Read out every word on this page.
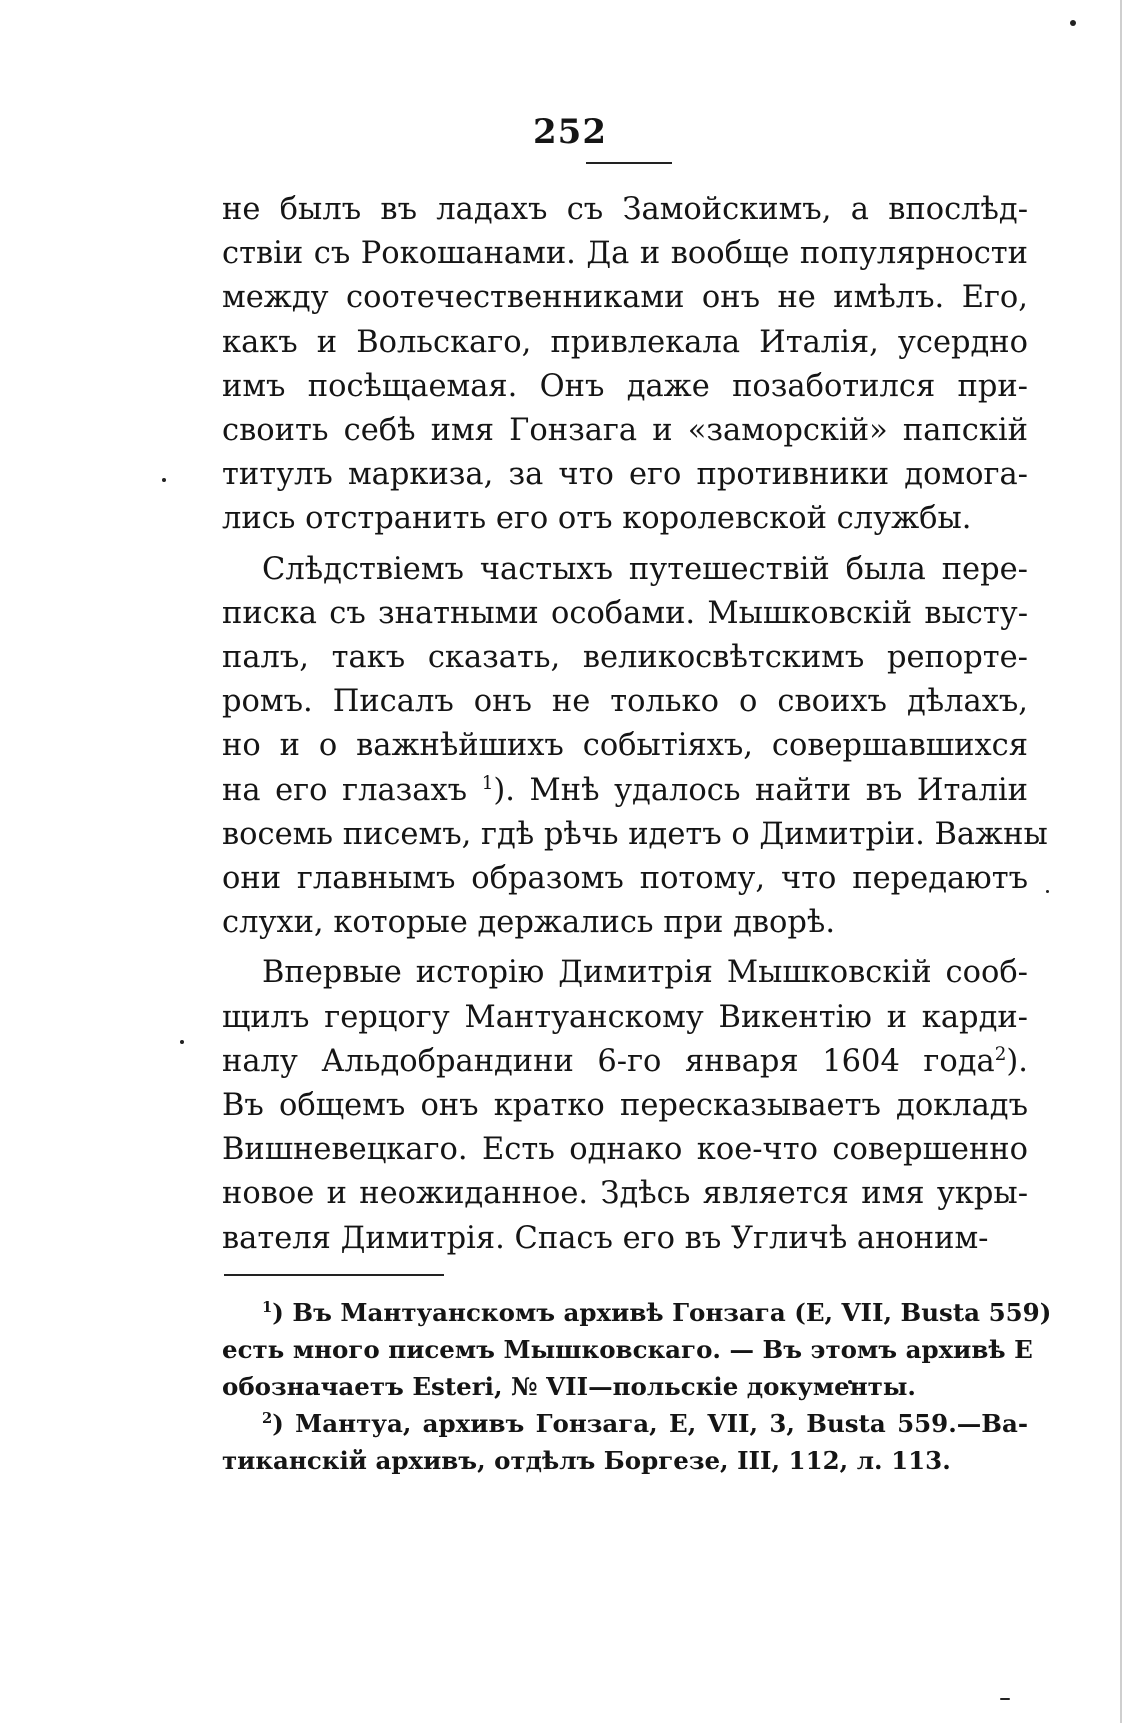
252
не былъ въ ладахъ съ Замойскимъ, а впослѣд-
ствіи съ Рокошанами. Да и вообще популярности
между соотечественниками онъ не имѣлъ. Его,
какъ и Вольскаго, привлекала Италія, усердно
имъ посѣщаемая. Онъ даже позаботился при-
своить себѣ имя Гонзага и «заморскій» папскій
титулъ маркиза, за что его противники домога-
лись отстранить его отъ королевской службы.
Слѣдствіемъ частыхъ путешествій была пере-
писка съ знатными особами. Мышковскій высту-
палъ, такъ сказать, великосвѣтскимъ репорте-
ромъ. Писалъ онъ не только о своихъ дѣлахъ,
но и о важнѣйшихъ событіяхъ, совершавшихся
на его глазахъ $^1$). Мнѣ удалось найти въ Италіи
восемь писемъ, гдѣ рѣчь идетъ о Димитріи. Важны
они главнымъ образомъ потому, что передаютъ
слухи, которые держались при дворѣ.
Впервые исторію Димитрія Мышковскій сооб-
щилъ герцогу Мантуанскому Викентію и карди-
налу Альдобрандини 6-го января 1604 года$^2$).
Въ общемъ онъ кратко пересказываетъ докладъ
Вишневецкаго. Есть однако кое-что совершенно
новое и неожиданное. Здѣсь является имя укры-
вателя Димитрія. Спасъ его въ Угличѣ аноним-
$^1$) Въ Мантуанскомъ архивѣ Гонзага (E, VII, Busta 559)
есть много писемъ Мышковскаго. — Въ этомъ архивѣ Е
обозначаетъ Esteri, № VII—польскіе документы.
$^2$) Мантуа, архивъ Гонзага, E, VII, 3, Busta 559.—Ва-
тиканскій архивъ, отдѣлъ Боргезе, III, 112, л. 113.
